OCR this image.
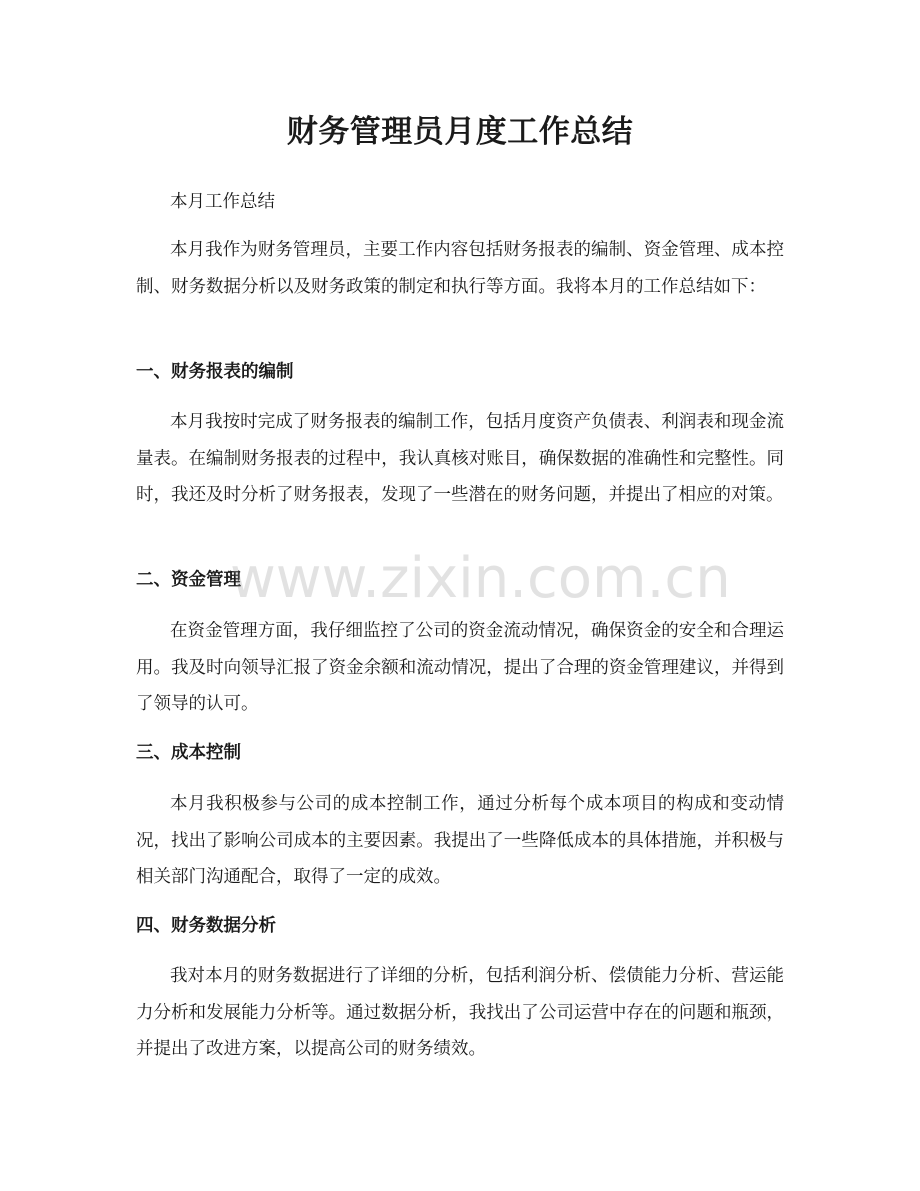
财务管理员月度工作总结
本月工作总结
本月我作为财务管理员，主要工作内容包括财务报表的编制、资金管理、成本控制、财务数据分析以及财务政策的制定和执行等方面。我将本月的工作总结如下：
一、财务报表的编制
本月我按时完成了财务报表的编制工作，包括月度资产负债表、利润表和现金流量表。在编制财务报表的过程中，我认真核对账目，确保数据的准确性和完整性。同时，我还及时分析了财务报表，发现了一些潜在的财务问题，并提出了相应的对策。
二、资金管理
在资金管理方面，我仔细监控了公司的资金流动情况，确保资金的安全和合理运用。我及时向领导汇报了资金余额和流动情况，提出了合理的资金管理建议，并得到了领导的认可。
三、成本控制
本月我积极参与公司的成本控制工作，通过分析每个成本项目的构成和变动情况，找出了影响公司成本的主要因素。我提出了一些降低成本的具体措施，并积极与相关部门沟通配合，取得了一定的成效。
四、财务数据分析
我对本月的财务数据进行了详细的分析，包括利润分析、偿债能力分析、营运能力分析和发展能力分析等。通过数据分析，我找出了公司运营中存在的问题和瓶颈，并提出了改进方案，以提高公司的财务绩效。
www.zixin.com.cn
